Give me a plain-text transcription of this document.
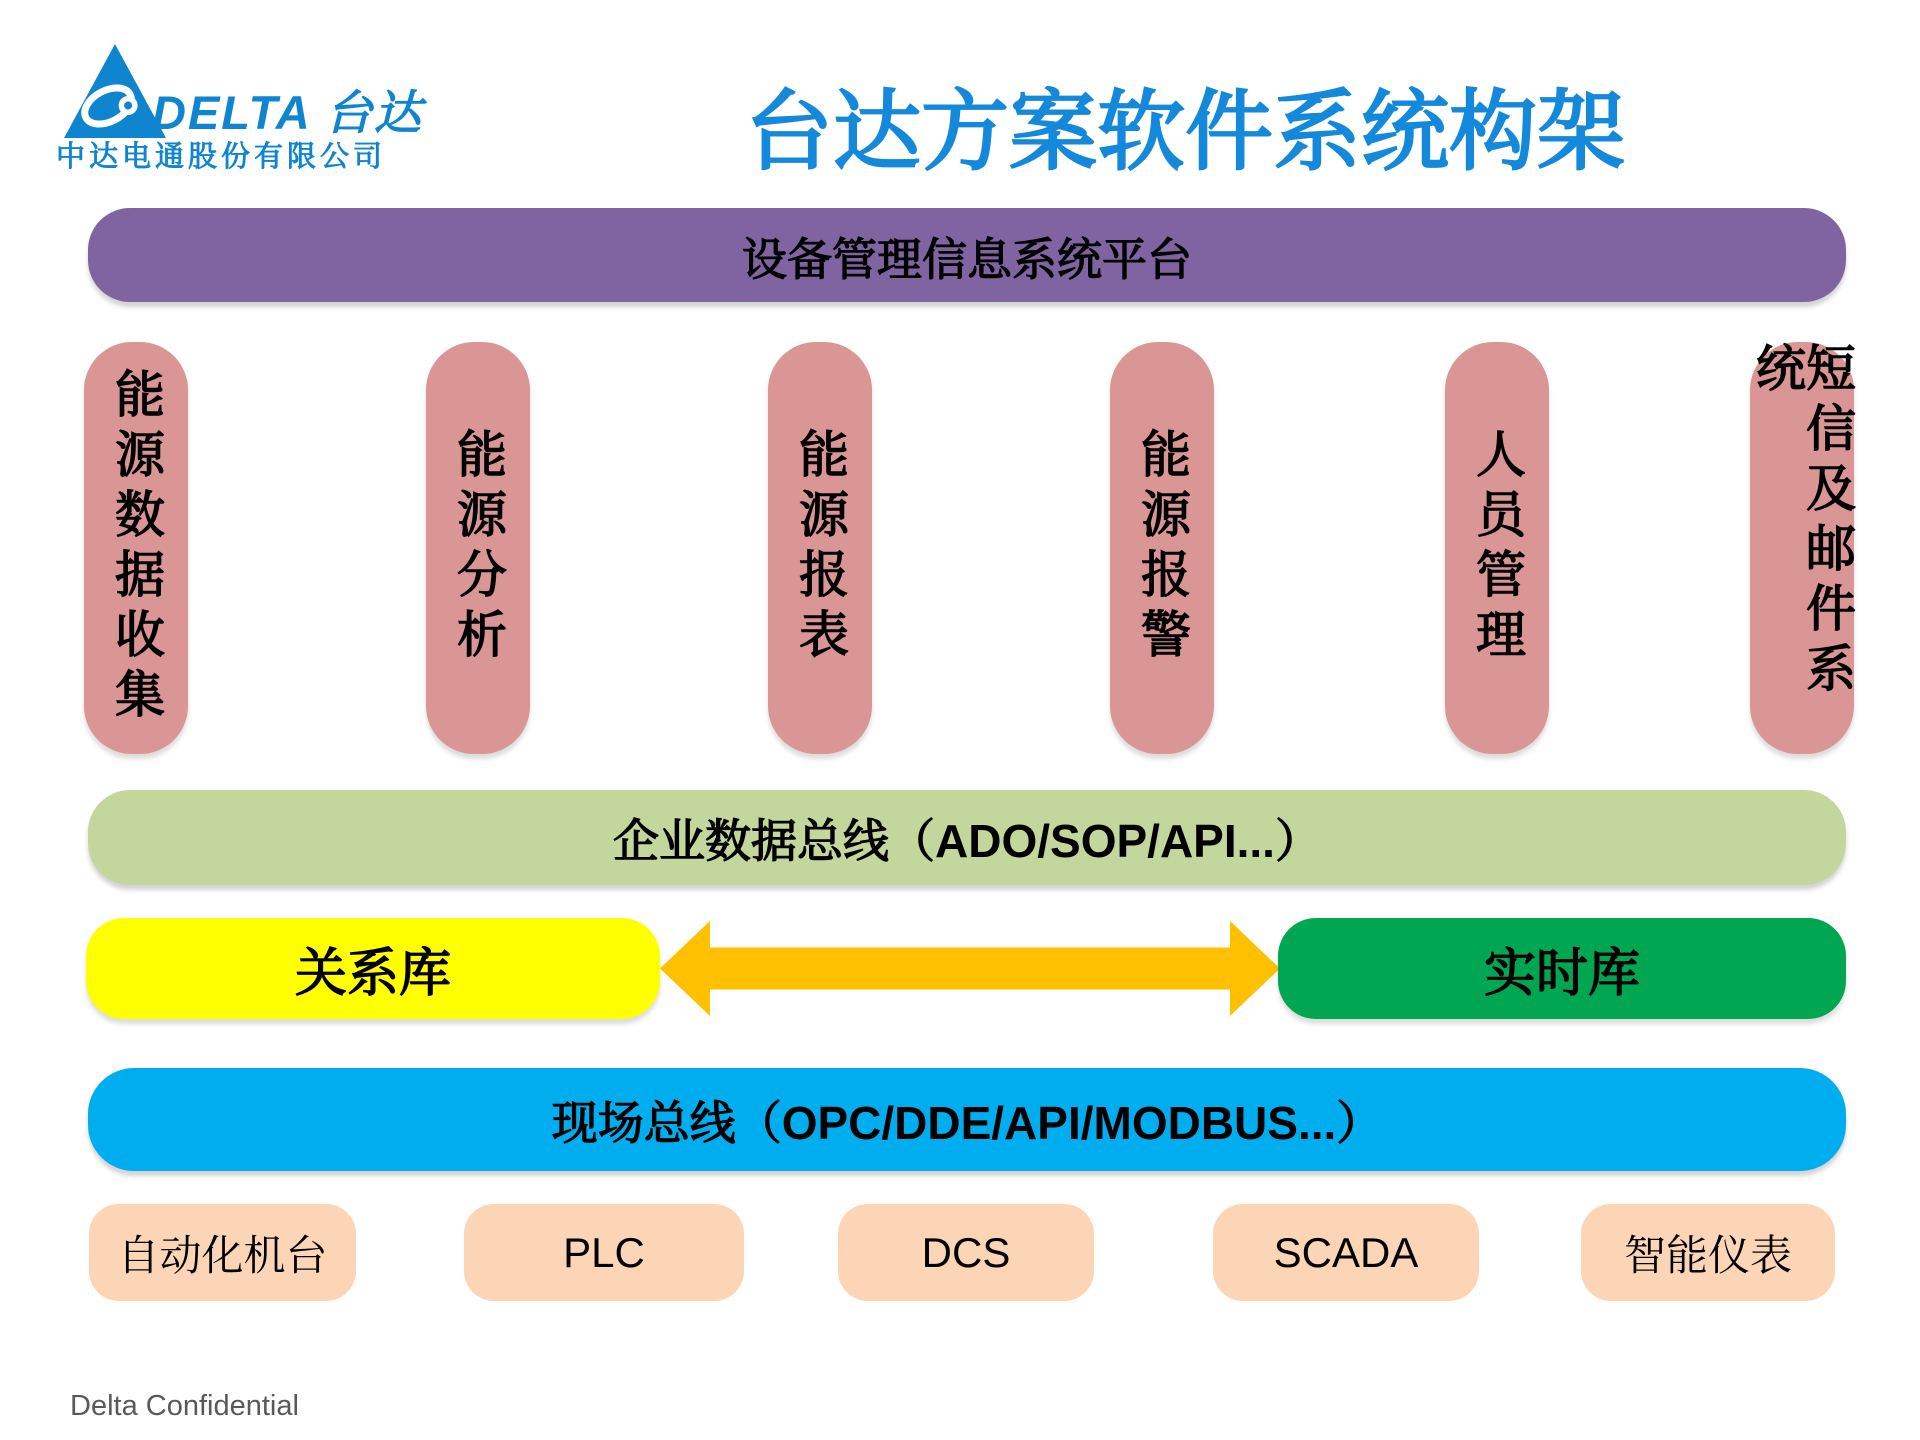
DELTA 台达
中达电通股份有限公司	台达方案软件系统构架
设备管理信息系统平台
能源数据收集	能源分析	能源报表	能源报警	人员管理	短信及邮件系统
企业数据总线（ADO/SOP/API...）
关系库	实时库
现场总线（OPC/DDE/API/MODBUS...）
自动化机台	PLC	DCS	SCADA	智能仪表
Delta Confidential
